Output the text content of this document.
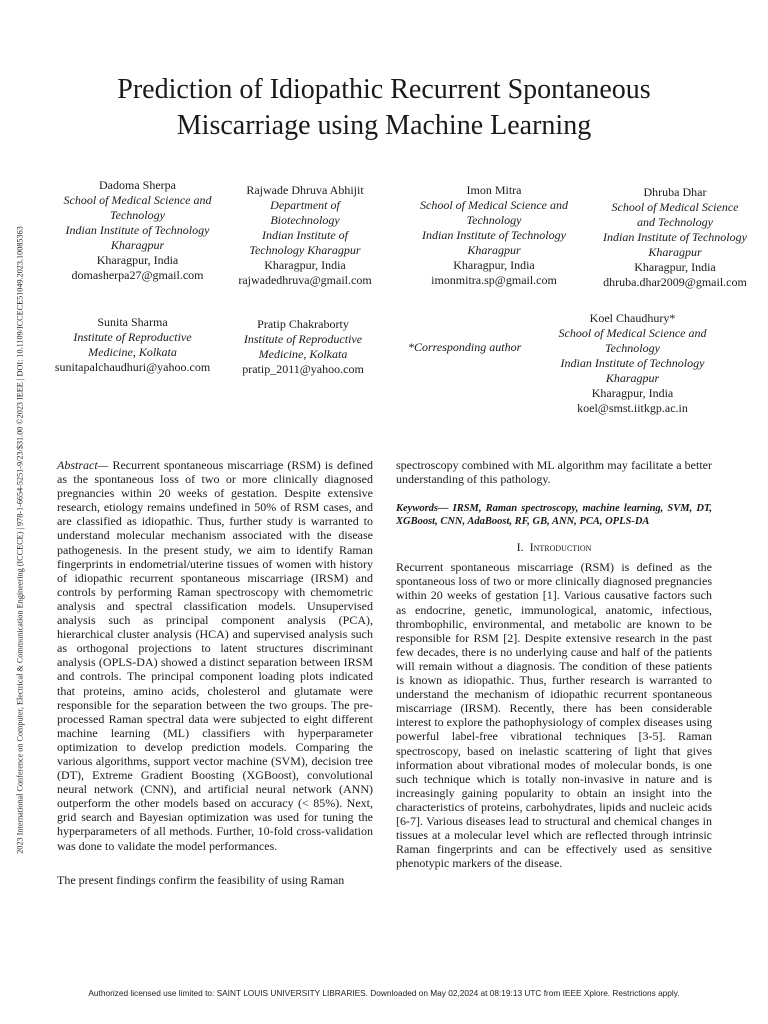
2023 International Conference on Computer, Electrical & Communication Engineering (ICCECE) | 978-1-6654-5251-9/23/$31.00 ©2023 IEEE | DOI: 10.1109/ICCECE51049.2023.10085363
Prediction of Idiopathic Recurrent Spontaneous
Miscarriage using Machine Learning
Dadoma Sherpa
School of Medical Science and
Technology
Indian Institute of Technology
Kharagpur
Kharagpur, India
domasherpa27@gmail.com
Rajwade Dhruva Abhijit
Department of
Biotechnology
Indian Institute of
Technology Kharagpur
Kharagpur, India
rajwadedhruva@gmail.com
Imon Mitra
School of Medical Science and
Technology
Indian Institute of Technology
Kharagpur
Kharagpur, India
imonmitra.sp@gmail.com
Dhruba Dhar
School of Medical Science
and Technology
Indian Institute of Technology
Kharagpur
Kharagpur, India
dhruba.dhar2009@gmail.com
Sunita Sharma
Institute of Reproductive
Medicine, Kolkata
sunitapalchaudhuri@yahoo.com
Pratip Chakraborty
Institute of Reproductive
Medicine, Kolkata
pratip_2011@yahoo.com
*Corresponding author
Koel Chaudhury*
School of Medical Science and
Technology
Indian Institute of Technology
Kharagpur
Kharagpur, India
koel@smst.iitkgp.ac.in

Abstract— Recurrent spontaneous miscarriage (RSM) is defined as the spontaneous loss of two or more clinically diagnosed pregnancies within 20 weeks of gestation. Despite extensive research, etiology remains undefined in 50% of RSM cases, and are classified as idiopathic. Thus, further study is warranted to understand molecular mechanism associated with the disease pathogenesis. In the present study, we aim to identify Raman fingerprints in endometrial/uterine tissues of women with history of idiopathic recurrent spontaneous miscarriage (IRSM) and controls by performing Raman spectroscopy with chemometric analysis and spectral classification models. Unsupervised analysis such as principal component analysis (PCA), hierarchical cluster analysis (HCA) and supervised analysis such as orthogonal projections to latent structures discriminant analysis (OPLS-DA) showed a distinct separation between IRSM and controls. The principal component loading plots indicated that proteins, amino acids, cholesterol and glutamate were responsible for the separation between the two groups. The pre-processed Raman spectral data were subjected to eight different machine learning (ML) classifiers with hyperparameter optimization to develop prediction models. Comparing the various algorithms, support vector machine (SVM), decision tree (DT), Extreme Gradient Boosting (XGBoost), convolutional neural network (CNN), and artificial neural network (ANN) outperform the other models based on accuracy (< 85%). Next, grid search and Bayesian optimization was used for tuning the hyperparameters of all methods. Further, 10-fold cross-validation was done to validate the model performances.

The present findings confirm the feasibility of using Raman

spectroscopy combined with ML algorithm may facilitate a better understanding of this pathology.

Keywords— IRSM, Raman spectroscopy, machine learning, SVM, DT, XGBoost, CNN, AdaBoost, RF, GB, ANN, PCA, OPLS-DA

I. Introduction

Recurrent spontaneous miscarriage (RSM) is defined as the spontaneous loss of two or more clinically diagnosed pregnancies within 20 weeks of gestation [1]. Various causative factors such as endocrine, genetic, immunological, anatomic, infectious, thrombophilic, environmental, and metabolic are known to be responsible for RSM [2]. Despite extensive research in the past few decades, there is no underlying cause and half of the patients will remain without a diagnosis. The condition of these patients is known as idiopathic. Thus, further research is warranted to understand the mechanism of idiopathic recurrent spontaneous miscarriage (IRSM). Recently, there has been considerable interest to explore the pathophysiology of complex diseases using powerful label-free vibrational techniques [3-5]. Raman spectroscopy, based on inelastic scattering of light that gives information about vibrational modes of molecular bonds, is one such technique which is totally non-invasive in nature and is increasingly gaining popularity to obtain an insight into the characteristics of proteins, carbohydrates, lipids and nucleic acids [6-7]. Various diseases lead to structural and chemical changes in tissues at a molecular level which are reflected through intrinsic Raman fingerprints and can be effectively used as sensitive phenotypic markers of the disease.

Authorized licensed use limited to: SAINT LOUIS UNIVERSITY LIBRARIES. Downloaded on May 02,2024 at 08:19:13 UTC from IEEE Xplore. Restrictions apply.
